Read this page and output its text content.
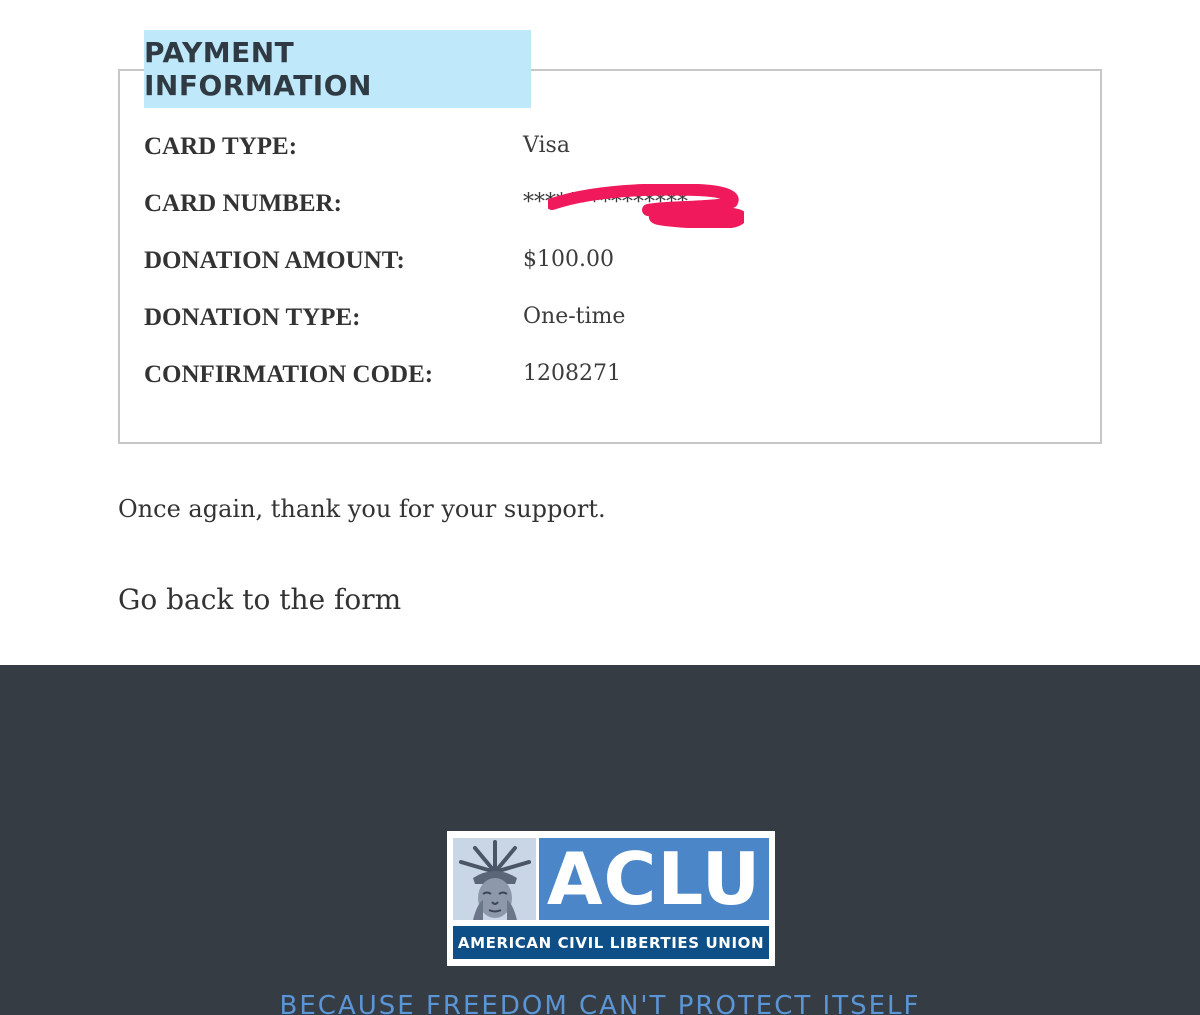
PAYMENT INFORMATION
CARD TYPE:	Visa
CARD NUMBER:	***************
DONATION AMOUNT:	$100.00
DONATION TYPE:	One-time
CONFIRMATION CODE:	1208271
Once again, thank you for your support.
Go back to the form
ACLU
AMERICAN CIVIL LIBERTIES UNION
BECAUSE FREEDOM CAN'T PROTECT ITSELF
